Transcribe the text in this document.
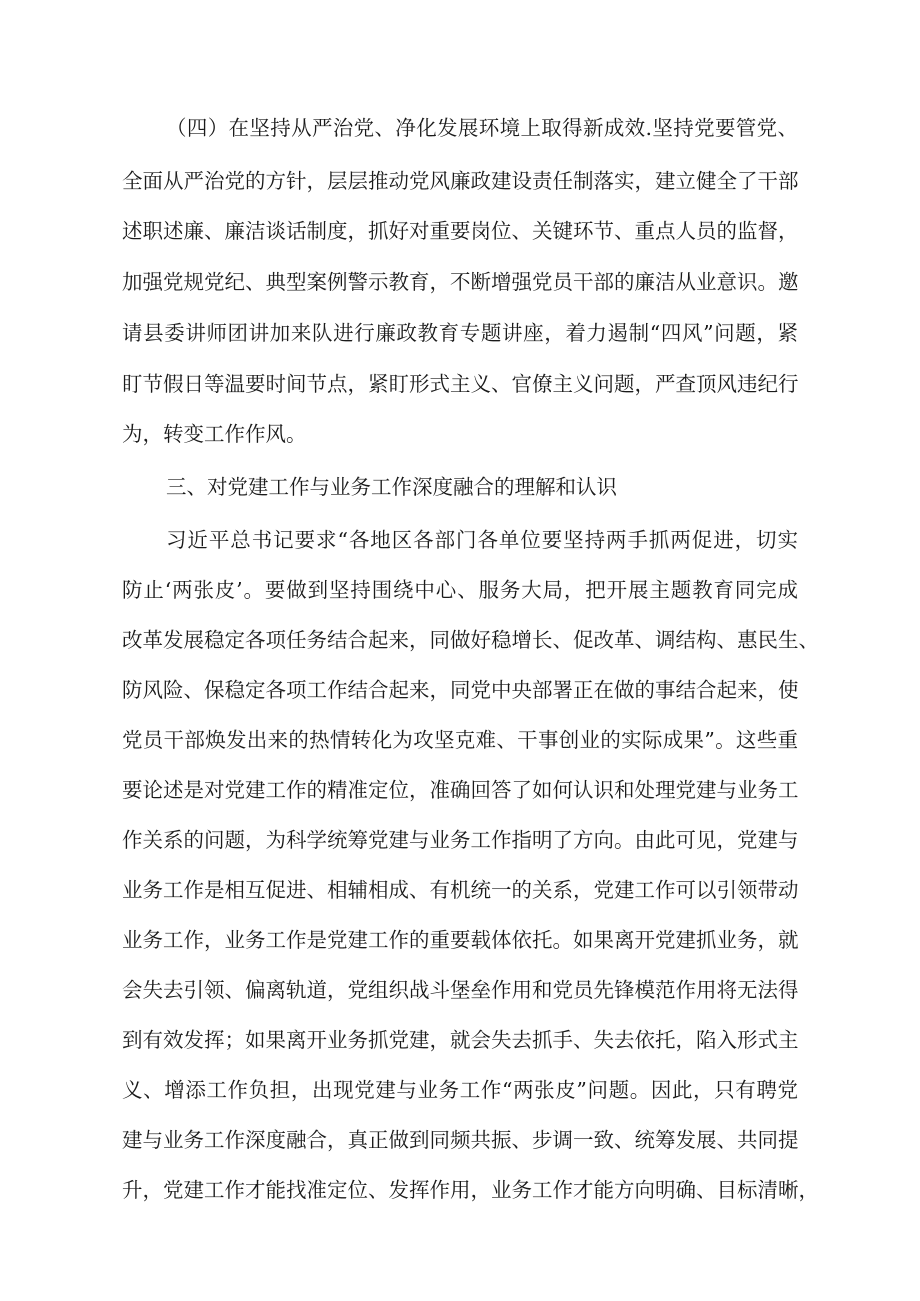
（四）在坚持从严治党、净化发展环境上取得新成效.坚持党要管党、
全面从严治党的方针，层层推动党风廉政建设责任制落实，建立健全了干部
述职述廉、廉洁谈话制度，抓好对重要岗位、关键环节、重点人员的监督，
加强党规党纪、典型案例警示教育，不断增强党员干部的廉洁从业意识。邀
请县委讲师团讲加来队进行廉政教育专题讲座，着力遏制“四风”问题，紧
盯节假日等温要时间节点，紧盯形式主义、官僚主义问题，严查顶风违纪行
为，转变工作作风。
三、对党建工作与业务工作深度融合的理解和认识
习近平总书记要求“各地区各部门各单位要坚持两手抓两促进，切实
防止‘两张皮’。要做到坚持围绕中心、服务大局，把开展主题教育同完成
改革发展稳定各项任务结合起来，同做好稳增长、促改革、调结构、惠民生、
防风险、保稳定各项工作结合起来，同党中央部署正在做的事结合起来，使
党员干部焕发出来的热情转化为攻坚克难、干事创业的实际成果”。这些重
要论述是对党建工作的精准定位，准确回答了如何认识和处理党建与业务工
作关系的问题，为科学统筹党建与业务工作指明了方向。由此可见，党建与
业务工作是相互促进、相辅相成、有机统一的关系，党建工作可以引领带动
业务工作，业务工作是党建工作的重要载体依托。如果离开党建抓业务，就
会失去引领、偏离轨道，党组织战斗堡垒作用和党员先锋模范作用将无法得
到有效发挥；如果离开业务抓党建，就会失去抓手、失去依托，陷入形式主
义、增添工作负担，出现党建与业务工作“两张皮”问题。因此，只有聘党
建与业务工作深度融合，真正做到同频共振、步调一致、统筹发展、共同提
升，党建工作才能找准定位、发挥作用，业务工作才能方向明确、目标清晰，
